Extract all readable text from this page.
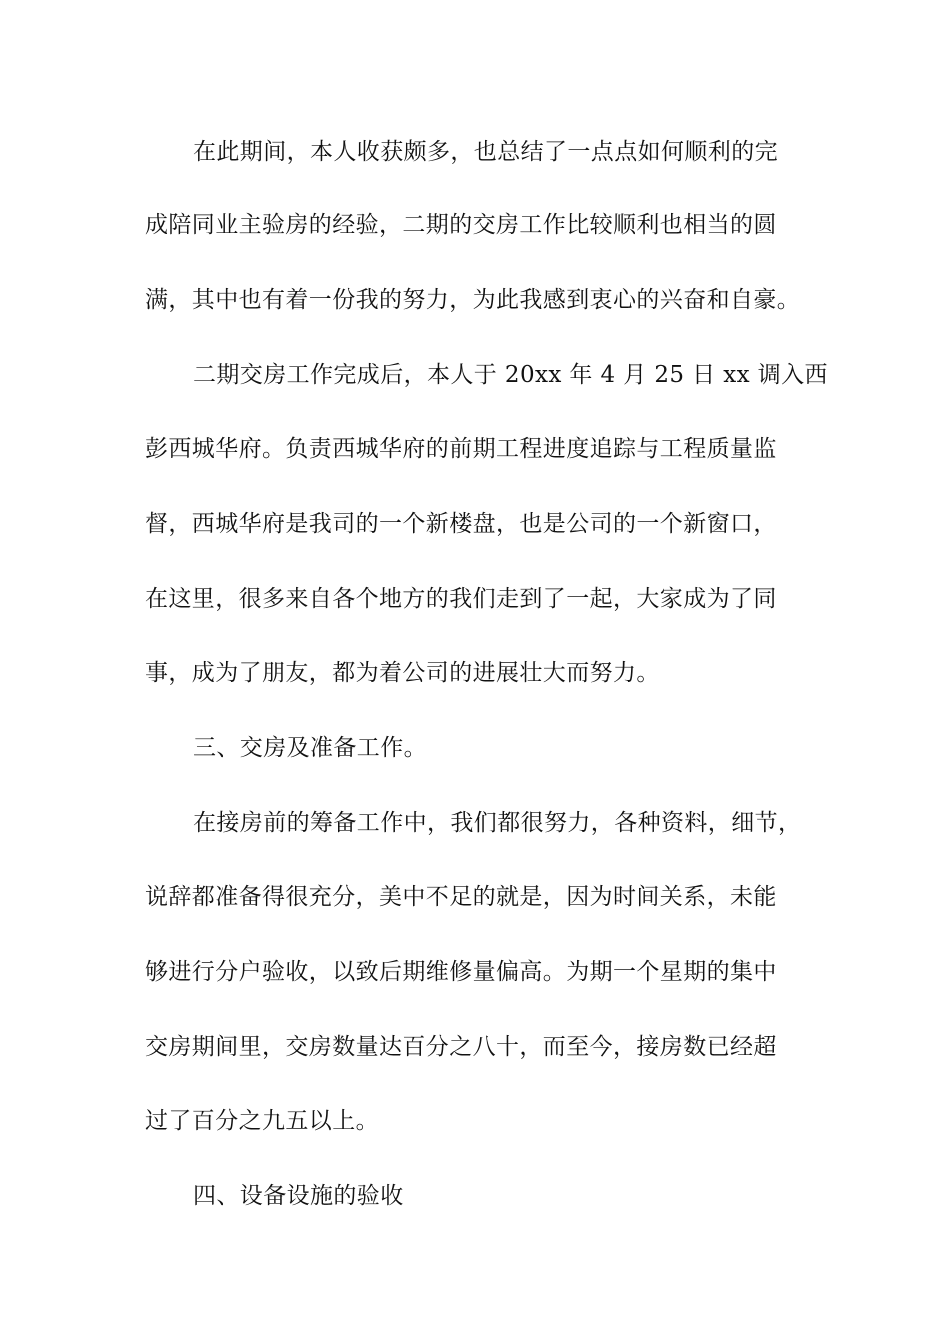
在此期间，本人收获颇多，也总结了一点点如何顺利的完
成陪同业主验房的经验，二期的交房工作比较顺利也相当的圆
满，其中也有着一份我的努力，为此我感到衷心的兴奋和自豪。
二期交房工作完成后，本人于 20xx 年 4 月 25 日 xx 调入西
彭西城华府。负责西城华府的前期工程进度追踪与工程质量监
督，西城华府是我司的一个新楼盘，也是公司的一个新窗口，
在这里，很多来自各个地方的我们走到了一起，大家成为了同
事，成为了朋友，都为着公司的进展壮大而努力。
三、交房及准备工作。
在接房前的筹备工作中，我们都很努力，各种资料，细节，
说辞都准备得很充分，美中不足的就是，因为时间关系，未能
够进行分户验收，以致后期维修量偏高。为期一个星期的集中
交房期间里，交房数量达百分之八十，而至今，接房数已经超
过了百分之九五以上。
四、设备设施的验收
